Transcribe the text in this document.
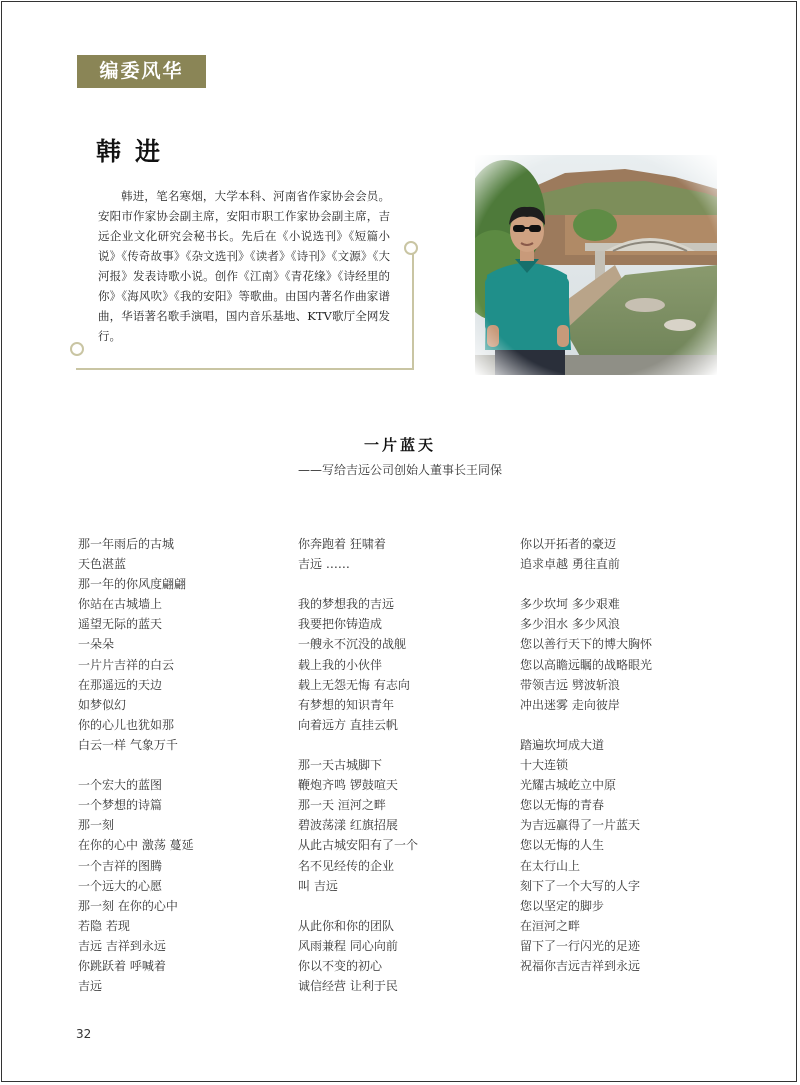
编委风华
韩进
韩进，笔名寒烟，大学本科、河南省作家协会会员。安阳市作家协会副主席，安阳市职工作家协会副主席，吉远企业文化研究会秘书长。先后在《小说选刊》《短篇小说》《传奇故事》《杂文选刊》《读者》《诗刊》《文源》《大河报》发表诗歌小说。创作《江南》《青花缘》《诗经里的你》《海风吹》《我的安阳》等歌曲。由国内著名作曲家谱曲，华语著名歌手演唱，国内音乐基地、KTV歌厅全网发行。
一片蓝天
——写给吉远公司创始人董事长王同保
那一年雨后的古城
天色湛蓝
那一年的你风度翩翩
你站在古城墙上
遥望无际的蓝天
一朵朵
一片片吉祥的白云
在那遥远的天边
如梦似幻
你的心儿也犹如那
白云一样 气象万千
一个宏大的蓝图
一个梦想的诗篇
那一刻
在你的心中 激荡 蔓延
一个吉祥的图腾
一个远大的心愿
那一刻 在你的心中
若隐 若现
吉远 吉祥到永远
你跳跃着 呼喊着
吉远
你奔跑着 狂啸着
吉远 ……
我的梦想我的吉远
我要把你铸造成
一艘永不沉没的战舰
载上我的小伙伴
载上无怨无悔 有志向
有梦想的知识青年
向着远方 直挂云帆
那一天古城脚下
鞭炮齐鸣 锣鼓喧天
那一天 洹河之畔
碧波荡漾 红旗招展
从此古城安阳有了一个
名不见经传的企业
叫 吉远
从此你和你的团队
风雨兼程 同心向前
你以不变的初心
诚信经营 让利于民
你以开拓者的豪迈
追求卓越 勇往直前
多少坎坷 多少艰难
多少泪水 多少风浪
您以善行天下的博大胸怀
您以高瞻远瞩的战略眼光
带领吉远 劈波斩浪
冲出迷雾 走向彼岸
踏遍坎坷成大道
十大连锁
光耀古城屹立中原
您以无悔的青春
为吉远赢得了一片蓝天
您以无悔的人生
在太行山上
刻下了一个大写的人字
您以坚定的脚步
在洹河之畔
留下了一行闪光的足迹
祝福你吉远吉祥到永远
32
